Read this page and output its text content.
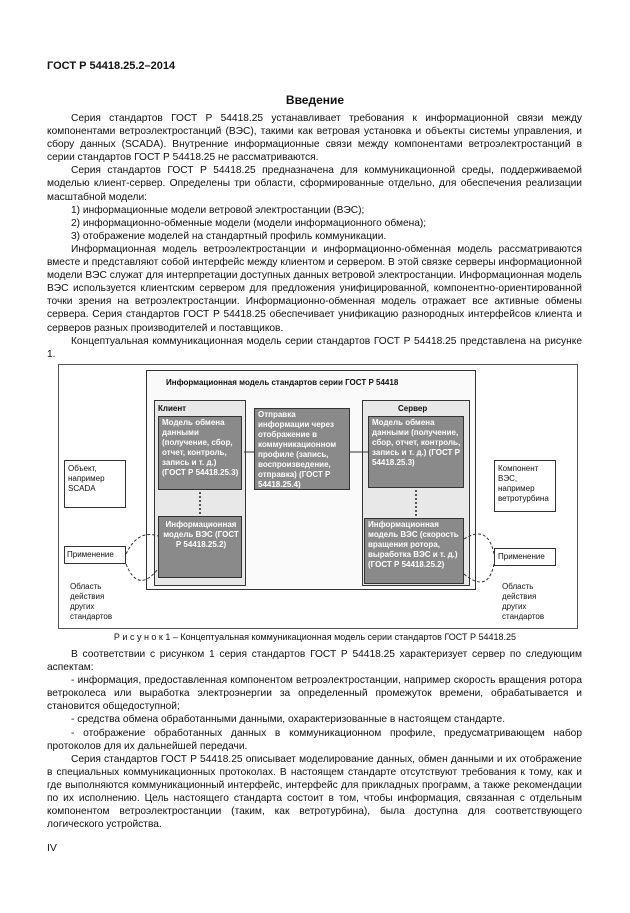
ГОСТ Р 54418.25.2–2014
Введение

Серия стандартов ГОСТ Р 54418.25 устанавливает требования к информационной связи между компонентами ветроэлектростанций (ВЭС), такими как ветровая установка и объекты системы управления, и сбору данных (SCADA). Внутренние информационные связи между компонентами ветроэлектростанций в серии стандартов ГОСТ Р 54418.25 не рассматриваются.

Серия стандартов ГОСТ Р 54418.25 предназначена для коммуникационной среды, поддерживаемой моделью клиент-сервер. Определены три области, сформированные отдельно, для обеспечения реализации масштабной модели:

1) информационные модели ветровой электростанции (ВЭС);

2) информационно-обменные модели (модели информационного обмена);

3) отображение моделей на стандартный профиль коммуникации.

Информационная модель ветроэлектростанции и информационно-обменная модель рассматриваются вместе и представляют собой интерфейс между клиентом и сервером. В этой связке серверы информационной модели ВЭС служат для интерпретации доступных данных ветровой электростанции. Информационная модель ВЭС используется клиентским сервером для предложения унифицированной, компонентно-ориентированной точки зрения на ветроэлектростанции. Информационно-обменная модель отражает все активные обмены сервера. Серия стандартов ГОСТ Р 54418.25 обеспечивает унификацию разнородных интерфейсов клиента и серверов разных производителей и поставщиков.

Концептуальная коммуникационная модель серии стандартов ГОСТ Р 54418.25 представлена на рисунке 1.

Информационная модель стандартов серии ГОСТ Р 54418
Клиент
Модель обмена данными (получение, сбор, отчет, контроль, запись и т. д.) (ГОСТ Р 54418.25.3)
Информационная модель ВЭС (ГОСТ Р 54418.25.2)
Отправка информации через отображение в коммуникационном профиле (запись, воспроизведение, отправка) (ГОСТ Р 54418.25.4)
Сервер
Модель обмена данными (получение, сбор, отчет, контроль, запись и т. д.) (ГОСТ Р 54418.25.3)
Информационная модель ВЭС (скорость вращения ротора, выработка ВЭС и т. д.) (ГОСТ Р 54418.25.2)
Объект, например SCADA
Применение
Область действия других стандартов
Компонент ВЭС, например ветротурбина
Применение
Область действия других стандартов
Р и с у н о к 1 – Концептуальная коммуникационная модель серии стандартов ГОСТ Р 54418.25

В соответствии с рисунком 1 серия стандартов ГОСТ Р 54418.25 характеризует сервер по следующим аспектам:

- информация, предоставленная компонентом ветроэлектростанции, например скорость вращения ротора ветроколеса или выработка электроэнергии за определенный промежуток времени, обрабатывается и становится общедоступной;

- средства обмена обработанными данными, охарактеризованные в настоящем стандарте.

- отображение обработанных данных в коммуникационном профиле, предусматривающем набор протоколов для их дальнейшей передачи.

Серия стандартов ГОСТ Р 54418.25 описывает моделирование данных, обмен данными и их отображение в специальных коммуникационных протоколах. В настоящем стандарте отсутствуют требования к тому, как и где выполняются коммуникационный интерфейс, интерфейс для прикладных программ, а также рекомендации по их исполнению. Цель настоящего стандарта состоит в том, чтобы информация, связанная с отдельным компонентом ветроэлектростанции (таким, как ветротурбина), была доступна для соответствующего логического устройства.

IV
